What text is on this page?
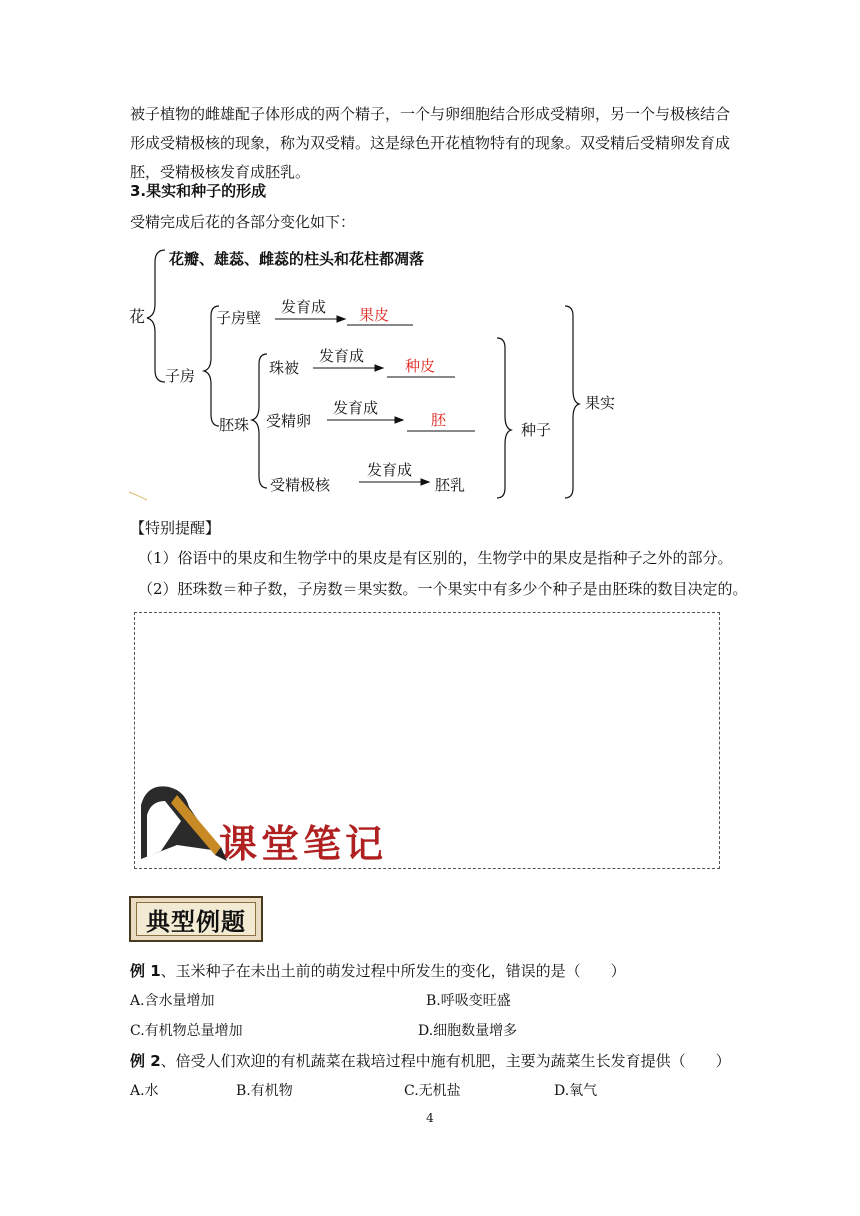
被子植物的雌雄配子体形成的两个精子，一个与卵细胞结合形成受精卵，另一个与极核结合形成受精极核的现象，称为双受精。这是绿色开花植物特有的现象。双受精后受精卵发育成胚，受精极核发育成胚乳。
3.果实和种子的形成
受精完成后花的各部分变化如下：
花瓣、雄蕊、雌蕊的柱头和花柱都凋落
花
子房
子房壁
胚珠
珠被
受精卵
受精极核
发育成
发育成
发育成
发育成
果皮
种皮
胚
胚乳
种子
果实
【特别提醒】
（1）俗语中的果皮和生物学中的果皮是有区别的，生物学中的果皮是指种子之外的部分。
（2）胚珠数＝种子数，子房数＝果实数。一个果实中有多少个种子是由胚珠的数目决定的。
课堂笔记
典型例题
例 1、玉米种子在未出土前的萌发过程中所发生的变化，错误的是（　　）
A.含水量增加	B.呼吸变旺盛
C.有机物总量增加	D.细胞数量增多
例 2、倍受人们欢迎的有机蔬菜在栽培过程中施有机肥，主要为蔬菜生长发育提供（　　）
A.水	B.有机物	C.无机盐	D.氧气
4
